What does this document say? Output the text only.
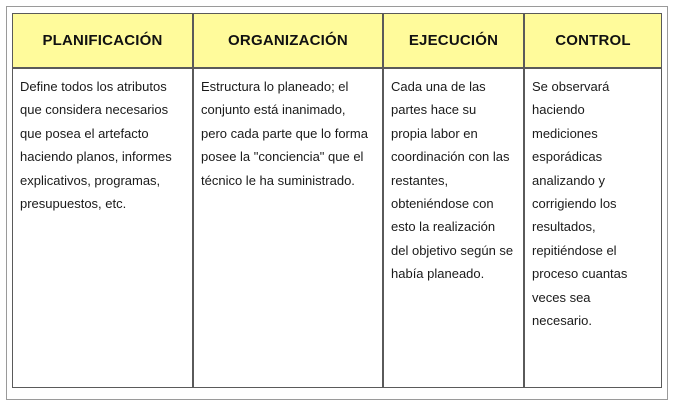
PLANIFICACIÓN	ORGANIZACIÓN	EJECUCIÓN	CONTROL

Define todos los atributos que considera necesarios que posea el artefacto haciendo planos, informes explicativos, programas, presupuestos, etc.	Estructura lo planeado; el conjunto está inanimado, pero cada parte que lo forma posee la "conciencia" que el técnico le ha suministrado.	Cada una de las partes hace su propia labor en coordinación con las restantes, obteniéndose con esto la realización del objetivo según se había planeado.	Se observará haciendo mediciones esporádicas analizando y corrigiendo los resultados, repitiéndose el proceso cuantas veces sea necesario.
